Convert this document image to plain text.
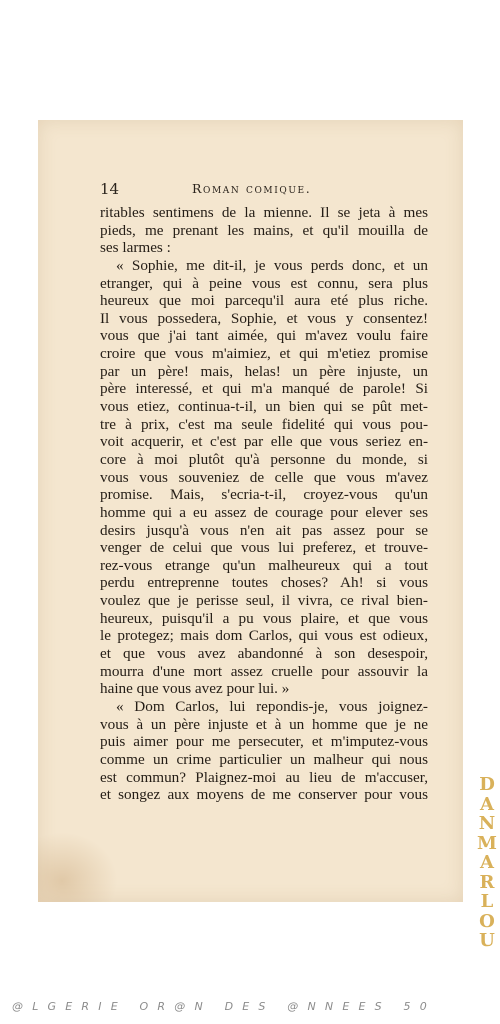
14	Roman comique.
ritables sentimens de la mienne. Il se jeta à mes
pieds, me prenant les mains, et qu'il mouilla de
ses larmes :
« Sophie, me dit-il, je vous perds donc, et un
etranger, qui à peine vous est connu, sera plus
heureux que moi parcequ'il aura eté plus riche.
Il vous possedera, Sophie, et vous y consentez!
vous que j'ai tant aimée, qui m'avez voulu faire
croire que vous m'aimiez, et qui m'etiez promise
par un père! mais, helas! un père injuste, un
père interessé, et qui m'a manqué de parole! Si
vous etiez, continua-t-il, un bien qui se pût met-
tre à prix, c'est ma seule fidelité qui vous pou-
voit acquerir, et c'est par elle que vous seriez en-
core à moi plutôt qu'à personne du monde, si
vous vous souveniez de celle que vous m'avez
promise. Mais, s'ecria-t-il, croyez-vous qu'un
homme qui a eu assez de courage pour elever ses
desirs jusqu'à vous n'en ait pas assez pour se
venger de celui que vous lui preferez, et trouve-
rez-vous etrange qu'un malheureux qui a tout
perdu entreprenne toutes choses? Ah! si vous
voulez que je perisse seul, il vivra, ce rival bien-
heureux, puisqu'il a pu vous plaire, et que vous
le protegez; mais dom Carlos, qui vous est odieux,
et que vous avez abandonné à son desespoir,
mourra d'une mort assez cruelle pour assouvir la
haine que vous avez pour lui. »
« Dom Carlos, lui repondis-je, vous joignez-
vous à un père injuste et à un homme que je ne
puis aimer pour me persecuter, et m'imputez-vous
comme un crime particulier un malheur qui nous
est commun? Plaignez-moi au lieu de m'accuser,
et songez aux moyens de me conserver pour vous	D
A
N
M
A
R
L
O
U
@LGERIE OR@N DES @NNEES 50
